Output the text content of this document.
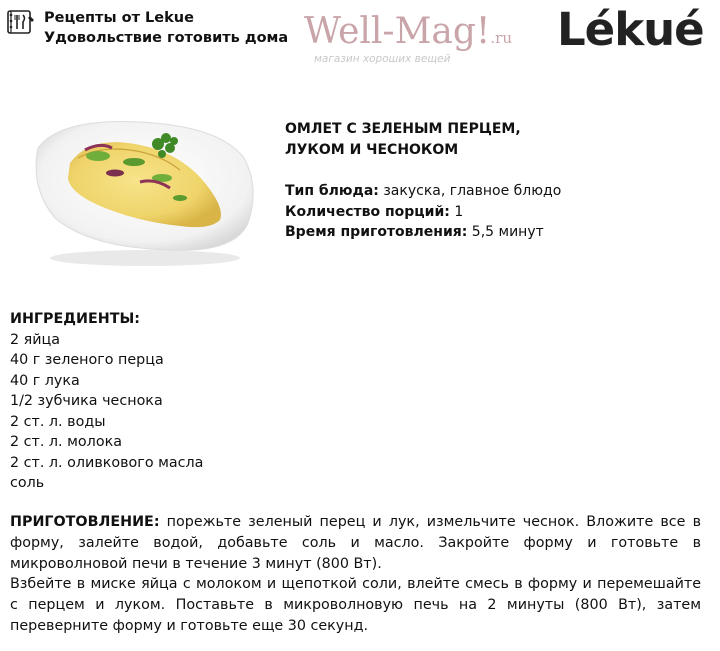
Рецепты от Lekue
Удовольствие готовить дома Well-Mag!.ru
магазин хороших вещей
Lékué
ОМЛЕТ С ЗЕЛЕНЫМ ПЕРЦЕМ,
ЛУКОМ И ЧЕСНОКОМ
Тип блюда: закуска, главное блюдо
Количество порций: 1
Время приготовления: 5,5 минут
ИНГРЕДИЕНТЫ:
2 яйца
40 г зеленого перца
40 г лука
1/2 зубчика чеснока
2 ст. л. воды
2 ст. л. молока
2 ст. л. оливкового масла
соль

ПРИГОТОВЛЕНИЕ: порежьте зеленый перец и лук, измельчите чеснок. Вложите все в форму, залейте водой, добавьте соль и масло. Закройте форму и готовьте в микроволновой печи в течение 3 минут (800 Вт).

Взбейте в миске яйца с молоком и щепоткой соли, влейте смесь в форму и перемешайте с перцем и луком. Поставьте в микроволновую печь на 2 минуты (800 Вт), затем переверните форму и готовьте еще 30 секунд.
